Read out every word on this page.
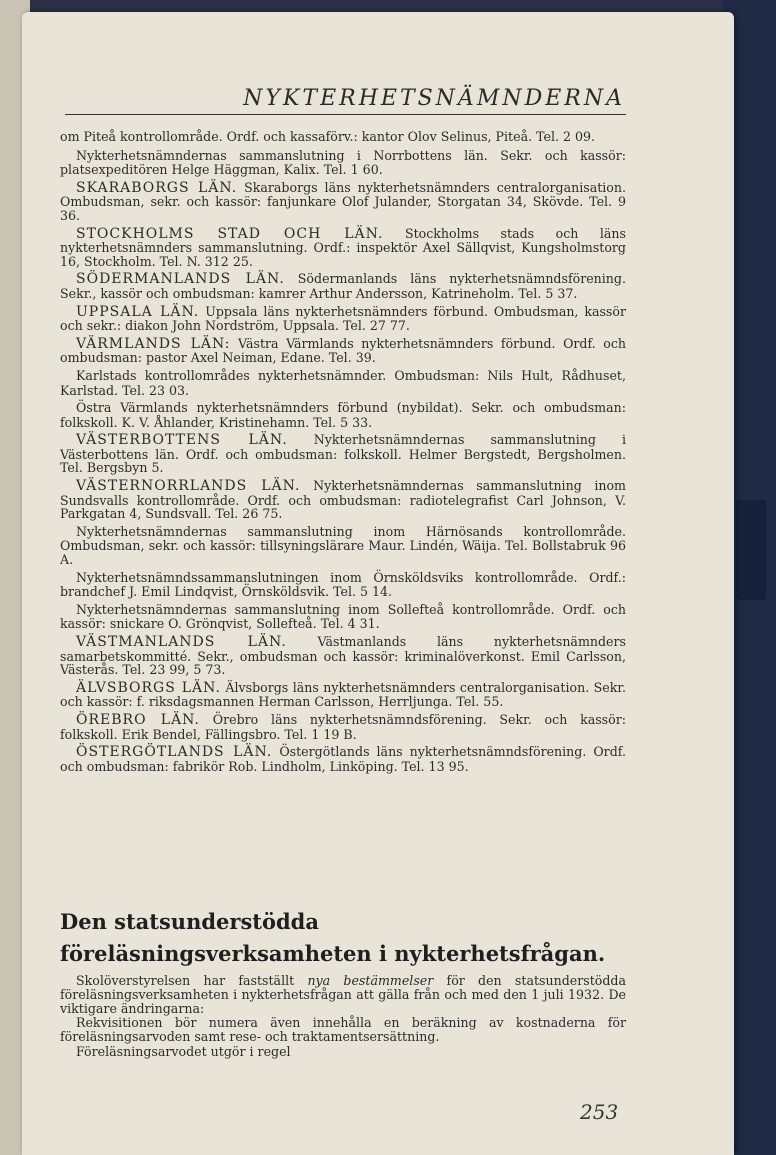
NYKTERHETSNÄMNDERNA

om Piteå kontrollområde. Ordf. och kassaförv.: kantor Olov Selinus, Piteå. Tel. 2 09.

Nykterhetsnämndernas sammanslutning i Norrbottens län. Sekr. och kassör: platsexpeditören Helge Häggman, Kalix. Tel. 1 60.

SKARABORGS LÄN. Skaraborgs läns nykterhetsnämnders centralorganisation. Ombudsman, sekr. och kassör: fanjunkare Olof Julander, Storgatan 34, Skövde. Tel. 9 36.

STOCKHOLMS STAD OCH LÄN. Stockholms stads och läns nykterhetsnämnders sammanslutning. Ordf.: inspektör Axel Sällqvist, Kungsholmstorg 16, Stockholm. Tel. N. 312 25.

SÖDERMANLANDS LÄN. Södermanlands läns nykterhetsnämndsförening. Sekr., kassör och ombudsman: kamrer Arthur Andersson, Katrineholm. Tel. 5 37.

UPPSALA LÄN. Uppsala läns nykterhetsnämnders förbund. Ombudsman, kassör och sekr.: diakon John Nordström, Uppsala. Tel. 27 77.

VÄRMLANDS LÄN: Västra Värmlands nykterhetsnämnders förbund. Ordf. och ombudsman: pastor Axel Neiman, Edane. Tel. 39.

Karlstads kontrollområdes nykterhetsnämnder. Ombudsman: Nils Hult, Rådhuset, Karlstad. Tel. 23 03.

Östra Värmlands nykterhetsnämnders förbund (nybildat). Sekr. och ombudsman: folkskoll. K. V. Åhlander, Kristinehamn. Tel. 5 33.

VÄSTERBOTTENS LÄN. Nykterhetsnämndernas sammanslutning i Västerbottens län. Ordf. och ombudsman: folkskoll. Helmer Bergstedt, Bergsholmen. Tel. Bergsbyn 5.

VÄSTERNORRLANDS LÄN. Nykterhetsnämndernas sammanslutning inom Sundsvalls kontrollområde. Ordf. och ombudsman: radiotelegrafist Carl Johnson, V. Parkgatan 4, Sundsvall. Tel. 26 75.

Nykterhetsnämndernas sammanslutning inom Härnösands kontrollområde. Ombudsman, sekr. och kassör: tillsyningslärare Maur. Lindén, Wäija. Tel. Bollstabruk 96 A.

Nykterhetsnämndssammanslutningen inom Örnsköldsviks kontrollområde. Ordf.: brandchef J. Emil Lindqvist, Örnsköldsvik. Tel. 5 14.

Nykterhetsnämndernas sammanslutning inom Sollefteå kontrollområde. Ordf. och kassör: snickare O. Grönqvist, Sollefteå. Tel. 4 31.

VÄSTMANLANDS LÄN. Västmanlands läns nykterhetsnämnders samarbetskommitté. Sekr., ombudsman och kassör: kriminalöverkonst. Emil Carlsson, Västerås. Tel. 23 99, 5 73.

ÄLVSBORGS LÄN. Älvsborgs läns nykterhetsnämnders centralorganisation. Sekr. och kassör: f. riksdagsmannen Herman Carlsson, Herrljunga. Tel. 55.

ÖREBRO LÄN. Örebro läns nykterhetsnämndsförening. Sekr. och kassör: folkskoll. Erik Bendel, Fällingsbro. Tel. 1 19 B.

ÖSTERGÖTLANDS LÄN. Östergötlands läns nykterhetsnämndsförening. Ordf. och ombudsman: fabrikör Rob. Lindholm, Linköping. Tel. 13 95.

Den statsunderstödda föreläsningsverksamheten i nykterhetsfrågan.

Skolöverstyrelsen har fastställt nya bestämmelser för den statsunderstödda föreläsningsverksamheten i nykterhetsfrågan att gälla från och med den 1 juli 1932. De viktigare ändringarna:

Rekvisitionen bör numera även innehålla en beräkning av kostnaderna för föreläsningsarvoden samt rese- och traktamentsersättning.

Föreläsningsarvodet utgör i regel

253
